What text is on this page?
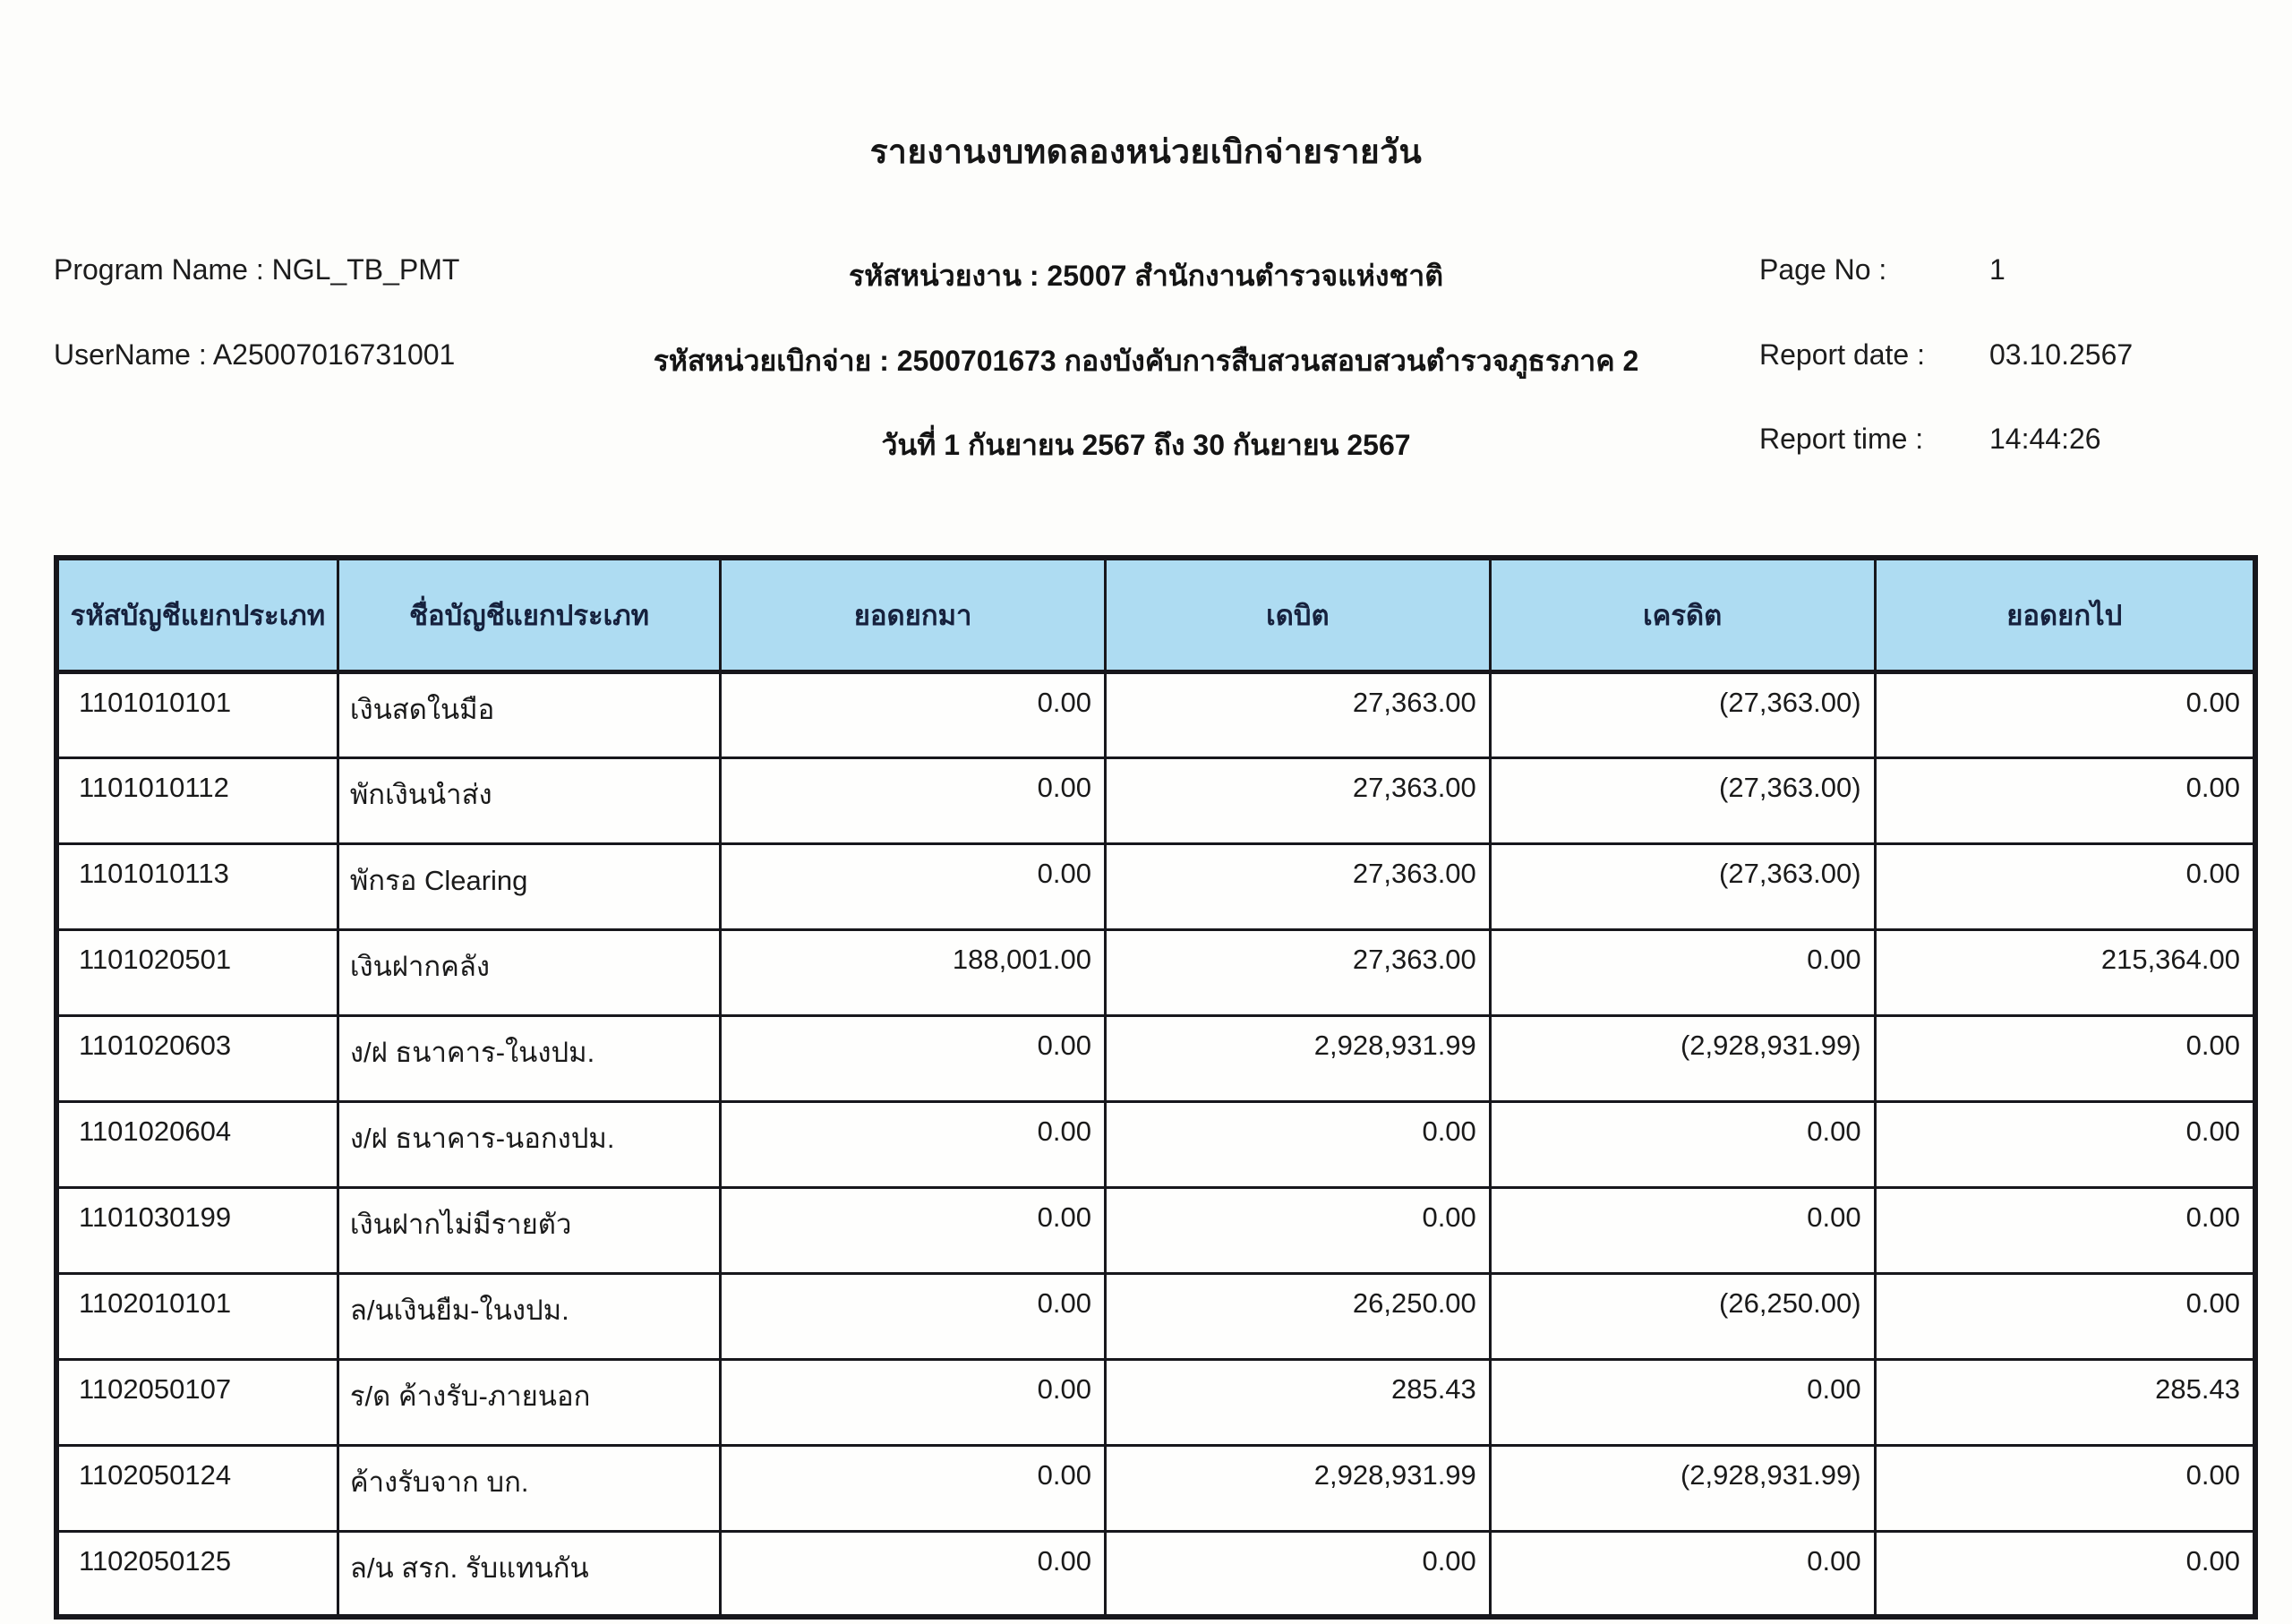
รายงานงบทดลองหน่วยเบิกจ่ายรายวัน
Program Name : NGL_TB_PMT	รหัสหน่วยงาน : 25007 สำนักงานตำรวจแห่งชาติ	Page No :	1
UserName : A25007016731001	รหัสหน่วยเบิกจ่าย : 2500701673 กองบังคับการสืบสวนสอบสวนตำรวจภูธรภาค 2	Report date : 03.10.2567
วันที่ 1 กันยายน 2567 ถึง 30 กันยายน 2567	Report time : 14:44:26
รหัสบัญชีแยกประเภท	ชื่อบัญชีแยกประเภท	ยอดยกมา	เดบิต	เครดิต	ยอดยกไป
1101010101	เงินสดในมือ	0.00	27,363.00	(27,363.00)	0.00
1101010112	พักเงินนำส่ง	0.00	27,363.00	(27,363.00)	0.00
1101010113	พักรอ Clearing	0.00	27,363.00	(27,363.00)	0.00
1101020501	เงินฝากคลัง	188,001.00	27,363.00	0.00	215,364.00
1101020603	ง/ฝ ธนาคาร-ในงปม.	0.00	2,928,931.99	(2,928,931.99)	0.00
1101020604	ง/ฝ ธนาคาร-นอกงปม.	0.00	0.00	0.00	0.00
1101030199	เงินฝากไม่มีรายตัว	0.00	0.00	0.00	0.00
1102010101	ล/นเงินยืม-ในงปม.	0.00	26,250.00	(26,250.00)	0.00
1102050107	ร/ด ค้างรับ-ภายนอก	0.00	285.43	0.00	285.43
1102050124	ค้างรับจาก บก.	0.00	2,928,931.99	(2,928,931.99)	0.00
1102050125	ล/น สรก. รับแทนกัน	0.00	0.00	0.00	0.00
